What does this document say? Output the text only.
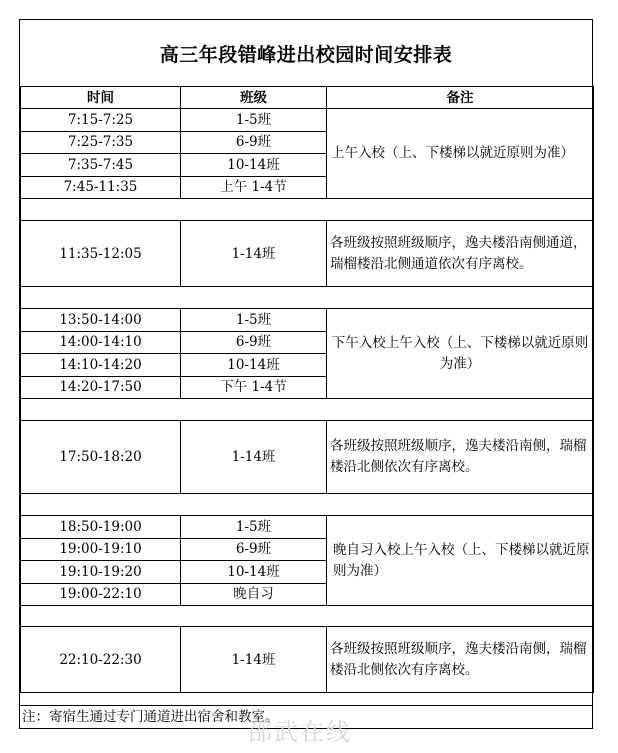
高三年段错峰进出校园时间安排表
时间	班级	备注
7:15-7:25	1-5班	上午入校（上、下楼梯以就近原则为准）
7:25-7:35	6-9班	
7:35-7:45	10-14班	
7:45-11:35	上午 1-4节	

11:35-12:05	1-14班	各班级按照班级顺序，逸夫楼沿南侧通道，瑞榴楼沿北侧通道依次有序离校。

13:50-14:00	1-5班	下午入校上午入校（上、下楼梯以就近原则为准）
14:00-14:10	6-9班	
14:10-14:20	10-14班	
14:20-17:50	下午 1-4节	

17:50-18:20	1-14班	各班级按照班级顺序，逸夫楼沿南侧，瑞榴楼沿北侧依次有序离校。

18:50-19:00	1-5班	晚自习入校上午入校（上、下楼梯以就近原则为准）
19:00-19:10	6-9班	
19:10-19:20	10-14班	
19:00-22:10	晚自习	

22:10-22:30	1-14班	各班级按照班级顺序，逸夫楼沿南侧，瑞榴楼沿北侧依次有序离校。
注：寄宿生通过专门通道进出宿舍和教室。
邵武在线
